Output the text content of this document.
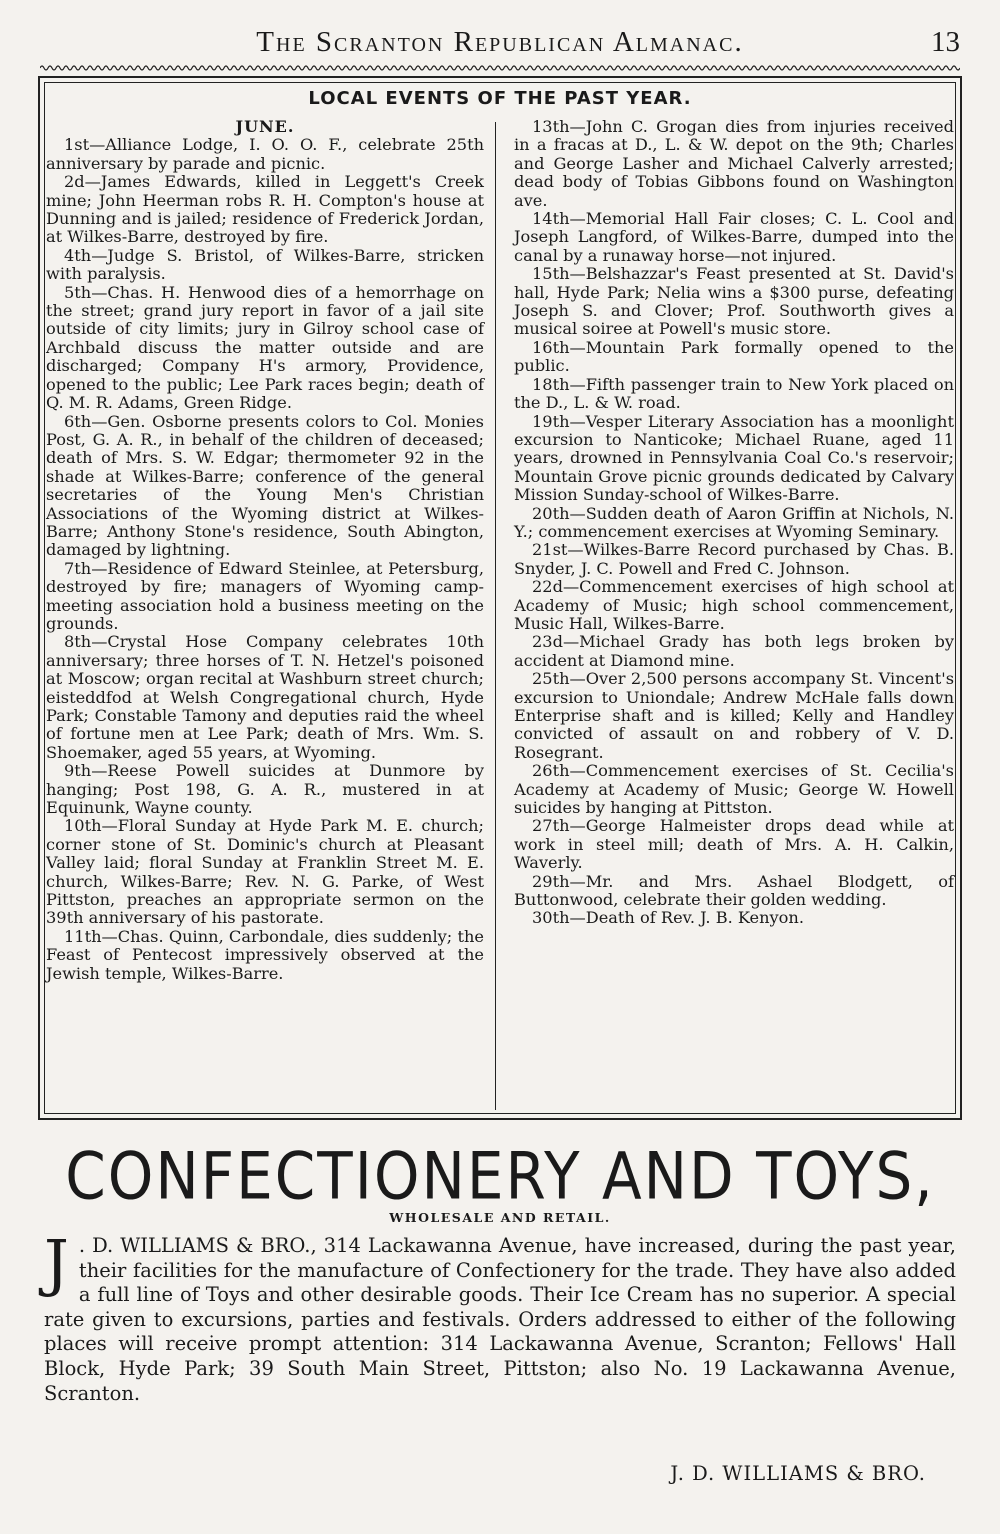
The Scranton Republican Almanac.	13
LOCAL EVENTS OF THE PAST YEAR.

JUNE.

1st—Alliance Lodge, I. O. O. F., celebrate 25th anniversary by parade and picnic.

2d—James Edwards, killed in Leggett's Creek mine; John Heerman robs R. H. Compton's house at Dunning and is jailed; residence of Frederick Jordan, at Wilkes-Barre, destroyed by fire.

4th—Judge S. Bristol, of Wilkes-Barre, stricken with paralysis.

5th—Chas. H. Henwood dies of a hemorrhage on the street; grand jury report in favor of a jail site outside of city limits; jury in Gilroy school case of Archbald discuss the matter outside and are discharged; Company H's armory, Providence, opened to the public; Lee Park races begin; death of Q. M. R. Adams, Green Ridge.

6th—Gen. Osborne presents colors to Col. Monies Post, G. A. R., in behalf of the children of deceased; death of Mrs. S. W. Edgar; thermometer 92 in the shade at Wilkes-Barre; conference of the general secretaries of the Young Men's Christian Associations of the Wyoming district at Wilkes-Barre; Anthony Stone's residence, South Abington, damaged by lightning.

7th—Residence of Edward Steinlee, at Petersburg, destroyed by fire; managers of Wyoming camp-meeting association hold a business meeting on the grounds.

8th—Crystal Hose Company celebrates 10th anniversary; three horses of T. N. Hetzel's poisoned at Moscow; organ recital at Washburn street church; eisteddfod at Welsh Congregational church, Hyde Park; Constable Tamony and deputies raid the wheel of fortune men at Lee Park; death of Mrs. Wm. S. Shoemaker, aged 55 years, at Wyoming.

9th—Reese Powell suicides at Dunmore by hanging; Post 198, G. A. R., mustered in at Equinunk, Wayne county.

10th—Floral Sunday at Hyde Park M. E. church; corner stone of St. Dominic's church at Pleasant Valley laid; floral Sunday at Franklin Street M. E. church, Wilkes-Barre; Rev. N. G. Parke, of West Pittston, preaches an appropriate sermon on the 39th anniversary of his pastorate.

11th—Chas. Quinn, Carbondale, dies suddenly; the Feast of Pentecost impressively observed at the Jewish temple, Wilkes-Barre.

13th—John C. Grogan dies from injuries received in a fracas at D., L. & W. depot on the 9th; Charles and George Lasher and Michael Calverly arrested; dead body of Tobias Gibbons found on Washington ave.

14th—Memorial Hall Fair closes; C. L. Cool and Joseph Langford, of Wilkes-Barre, dumped into the canal by a runaway horse—not injured.

15th—Belshazzar's Feast presented at St. David's hall, Hyde Park; Nelia wins a $300 purse, defeating Joseph S. and Clover; Prof. Southworth gives a musical soiree at Powell's music store.

16th—Mountain Park formally opened to the public.

18th—Fifth passenger train to New York placed on the D., L. & W. road.

19th—Vesper Literary Association has a moonlight excursion to Nanticoke; Michael Ruane, aged 11 years, drowned in Pennsylvania Coal Co.'s reservoir; Mountain Grove picnic grounds dedicated by Calvary Mission Sunday-school of Wilkes-Barre.

20th—Sudden death of Aaron Griffin at Nichols, N. Y.; commencement exercises at Wyoming Seminary.

21st—Wilkes-Barre Record purchased by Chas. B. Snyder, J. C. Powell and Fred C. Johnson.

22d—Commencement exercises of high school at Academy of Music; high school commencement, Music Hall, Wilkes-Barre.

23d—Michael Grady has both legs broken by accident at Diamond mine.

25th—Over 2,500 persons accompany St. Vincent's excursion to Uniondale; Andrew McHale falls down Enterprise shaft and is killed; Kelly and Handley convicted of assault on and robbery of V. D. Rosegrant.

26th—Commencement exercises of St. Cecilia's Academy at Academy of Music; George W. Howell suicides by hanging at Pittston.

27th—George Halmeister drops dead while at work in steel mill; death of Mrs. A. H. Calkin, Waverly.

29th—Mr. and Mrs. Ashael Blodgett, of Buttonwood, celebrate their golden wedding.

30th—Death of Rev. J. B. Kenyon.

CONFECTIONERY AND TOYS,
WHOLESALE AND RETAIL.
J . D. WILLIAMS & BRO., 314 Lackawanna Avenue, have increased, during the past year, their facilities for the manufacture of Confectionery for the trade. They have also added a full line of Toys and other desirable goods. Their Ice Cream has no superior. A special rate given to excursions, parties and festivals. Orders addressed to either of the following places will receive prompt attention: 314 Lackawanna Avenue, Scranton; Fellows' Hall Block, Hyde Park; 39 South Main Street, Pittston; also No. 19 Lackawanna Avenue, Scranton.
J. D. WILLIAMS & BRO.
